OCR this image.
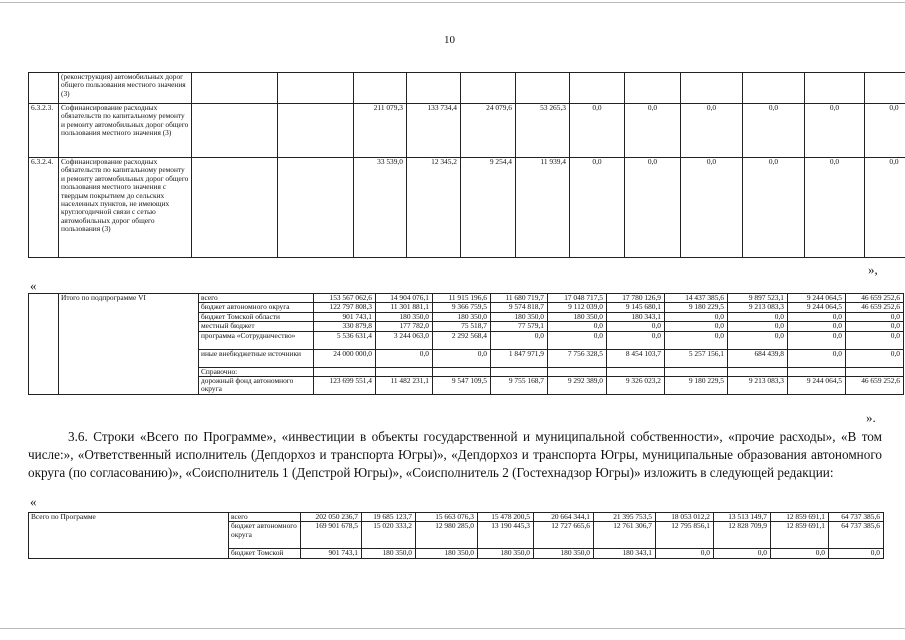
10
	(реконструкция) автомобильных дорог общего пользования местного значения (3)												
6.3.2.3.	Софинансирование расходных обязательств по капитальному ремонту и ремонту автомобильных дорог общего пользования местного значения (3)			211 079,3	133 734,4	24 079,6	53 265,3	0,0	0,0	0,0	0,0	0,0	0,0
6.3.2.4.	Софинансирование расходных обязательств по капитальному ремонту и ремонту автомобильных дорог общего пользования местного значения с твердым покрытием до сельских населенных пунктов, не имеющих круглогодичной связи с сетью автомобильных дорог общего пользования (3)			33 539,0	12 345,2	9 254,4	11 939,4	0,0	0,0	0,0	0,0	0,0	0,0
»,
«
	Итого по подпрограмме VI	всего	153 567 062,6	14 904 076,1	11 915 196,6	11 680 719,7	17 048 717,5	17 780 126,9	14 437 385,6	9 897 523,1	9 244 064,5	46 659 252,6
		бюджет автономного округа	122 797 808,3	11 301 881,1	9 366 759,5	9 574 818,7	9 112 039,0	9 145 680,1	9 180 229,5	9 213 083,3	9 244 064,5	46 659 252,6
		бюджет Томской области	901 743,1	180 350,0	180 350,0	180 350,0	180 350,0	180 343,1	0,0	0,0	0,0	0,0
		местный бюджет	330 879,8	177 782,0	75 518,7	77 579,1	0,0	0,0	0,0	0,0	0,0	0,0
		программа «Сотрудничество»	5 536 631,4	3 244 063,0	2 292 568,4	0,0	0,0	0,0	0,0	0,0	0,0	0,0
		иные внебюджетные источники	24 000 000,0	0,0	0,0	1 847 971,9	7 756 328,5	8 454 103,7	5 257 156,1	684 439,8	0,0	0,0
		Справочно:										
		дорожный фонд автономного округа	123 699 551,4	11 482 231,1	9 547 109,5	9 755 168,7	9 292 389,0	9 326 023,2	9 180 229,5	9 213 083,3	9 244 064,5	46 659 252,6
».
3.6. Строки «Всего по Программе», «инвестиции в объекты государственной и муниципальной собственности», «прочие расходы», «В том числе:», «Ответственный исполнитель (Депдорхоз и транспорта Югры)», «Депдорхоз и транспорта Югры, муниципальные образования автономного округа (по согласованию)», «Соисполнитель 1 (Депстрой Югры)», «Соисполнитель 2 (Гостехнадзор Югры)» изложить в следующей редакции:
«
Всего по Программе	всего	202 050 236,7	19 685 123,7	15 663 076,3	15 478 200,5	20 664 344,1	21 395 753,5	18 053 012,2	13 513 149,7	12 859 691,1	64 737 385,6
	бюджет автономного округа	169 901 678,5	15 020 333,2	12 980 285,0	13 190 445,3	12 727 665,6	12 761 306,7	12 795 856,1	12 828 709,9	12 859 691,1	64 737 385,6
	бюджет Томской	901 743,1	180 350,0	180 350,0	180 350,0	180 350,0	180 343,1	0,0	0,0	0,0	0,0
